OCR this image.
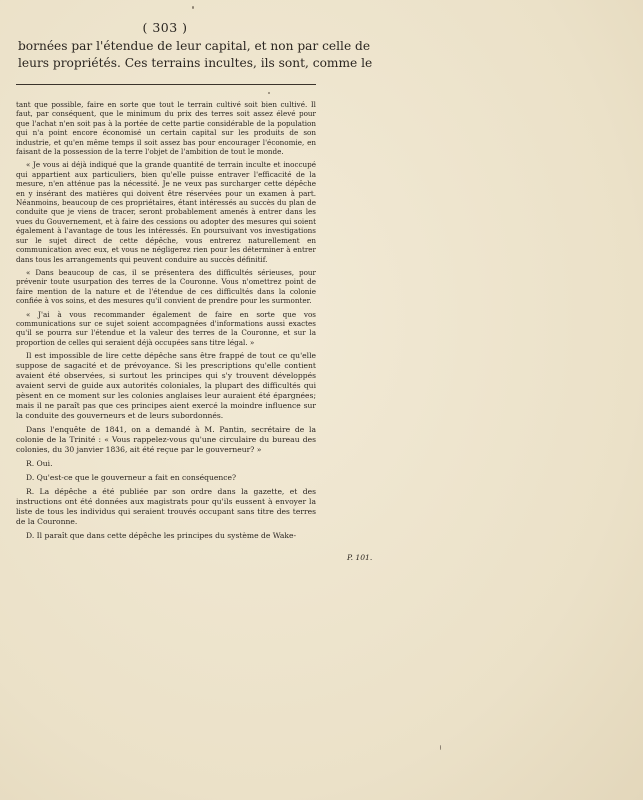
( 303 )
bornées par l'étendue de leur capital, et non par celle de
leurs propriétés. Ces terrains incultes, ils sont, comme le

tant que possible, faire en sorte que tout le terrain cultivé soit bien cultivé. Il faut, par conséquent, que le minimum du prix des terres soit assez élevé pour que l'achat n'en soit pas à la portée de cette partie considérable de la population qui n'a point encore économisé un certain capital sur les produits de son industrie, et qu'en même temps il soit assez bas pour encourager l'économie, en faisant de la possession de la terre l'objet de l'ambition de tout le monde.

« Je vous ai déjà indiqué que la grande quantité de terrain inculte et inoccupé qui appartient aux particuliers, bien qu'elle puisse entraver l'efficacité de la mesure, n'en atténue pas la nécessité. Je ne veux pas surcharger cette dépêche en y insérant des matières qui doivent être réservées pour un examen à part. Néanmoins, beaucoup de ces propriétaires, étant intéressés au succès du plan de conduite que je viens de tracer, seront probablement amenés à entrer dans les vues du Gouvernement, et à faire des cessions ou adopter des mesures qui soient également à l'avantage de tous les intéressés. En poursuivant vos investigations sur le sujet direct de cette dépêche, vous entrerez naturellement en communication avec eux, et vous ne négligerez rien pour les déterminer à entrer dans tous les arrangements qui peuvent conduire au succès définitif.

« Dans beaucoup de cas, il se présentera des difficultés sérieuses, pour prévenir toute usurpation des terres de la Couronne. Vous n'omettrez point de faire mention de la nature et de l'étendue de ces difficultés dans la colonie confiée à vos soins, et des mesures qu'il convient de prendre pour les surmonter.

« J'ai à vous recommander également de faire en sorte que vos communications sur ce sujet soient accompagnées d'informations aussi exactes qu'il se pourra sur l'étendue et la valeur des terres de la Couronne, et sur la proportion de celles qui seraient déjà occupées sans titre légal. »

Il est impossible de lire cette dépêche sans être frappé de tout ce qu'elle suppose de sagacité et de prévoyance. Si les prescriptions qu'elle contient avaient été observées, si surtout les principes qui s'y trouvent développés avaient servi de guide aux autorités coloniales, la plupart des difficultés qui pèsent en ce moment sur les colonies anglaises leur auraient été épargnées; mais il ne paraît pas que ces principes aient exercé la moindre influence sur la conduite des gouverneurs et de leurs subordonnés.

Dans l'enquête de 1841, on a demandé à M. Pantin, secrétaire de la colonie de la Trinité : « Vous rappelez-vous qu'une circulaire du bureau des colonies, du 30 janvier 1836, ait été reçue par le gouverneur? »

R. Oui.

D. Qu'est-ce que le gouverneur a fait en conséquence?

R. La dépêche a été publiée par son ordre dans la gazette, et des instructions ont été données aux magistrats pour qu'ils eussent à envoyer la liste de tous les individus qui seraient trouvés occupant sans titre des terres de la Couronne.

D. Il paraît que dans cette dépêche les principes du système de Wake-

P. 101.
